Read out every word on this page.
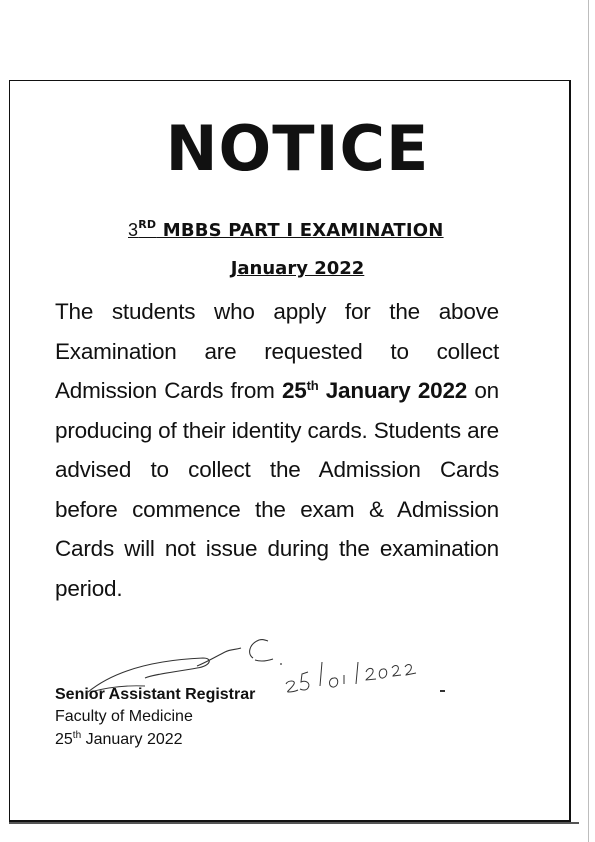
NOTICE
3RD MBBS PART I EXAMINATION
January 2022
The students who apply for the above Examination are requested to collect Admission Cards from 25th January 2022 on producing of their identity cards. Students are advised to collect the Admission Cards before commence the exam & Admission Cards will not issue during the examination period.
Senior Assistant Registrar
Faculty of Medicine
25th January 2022
